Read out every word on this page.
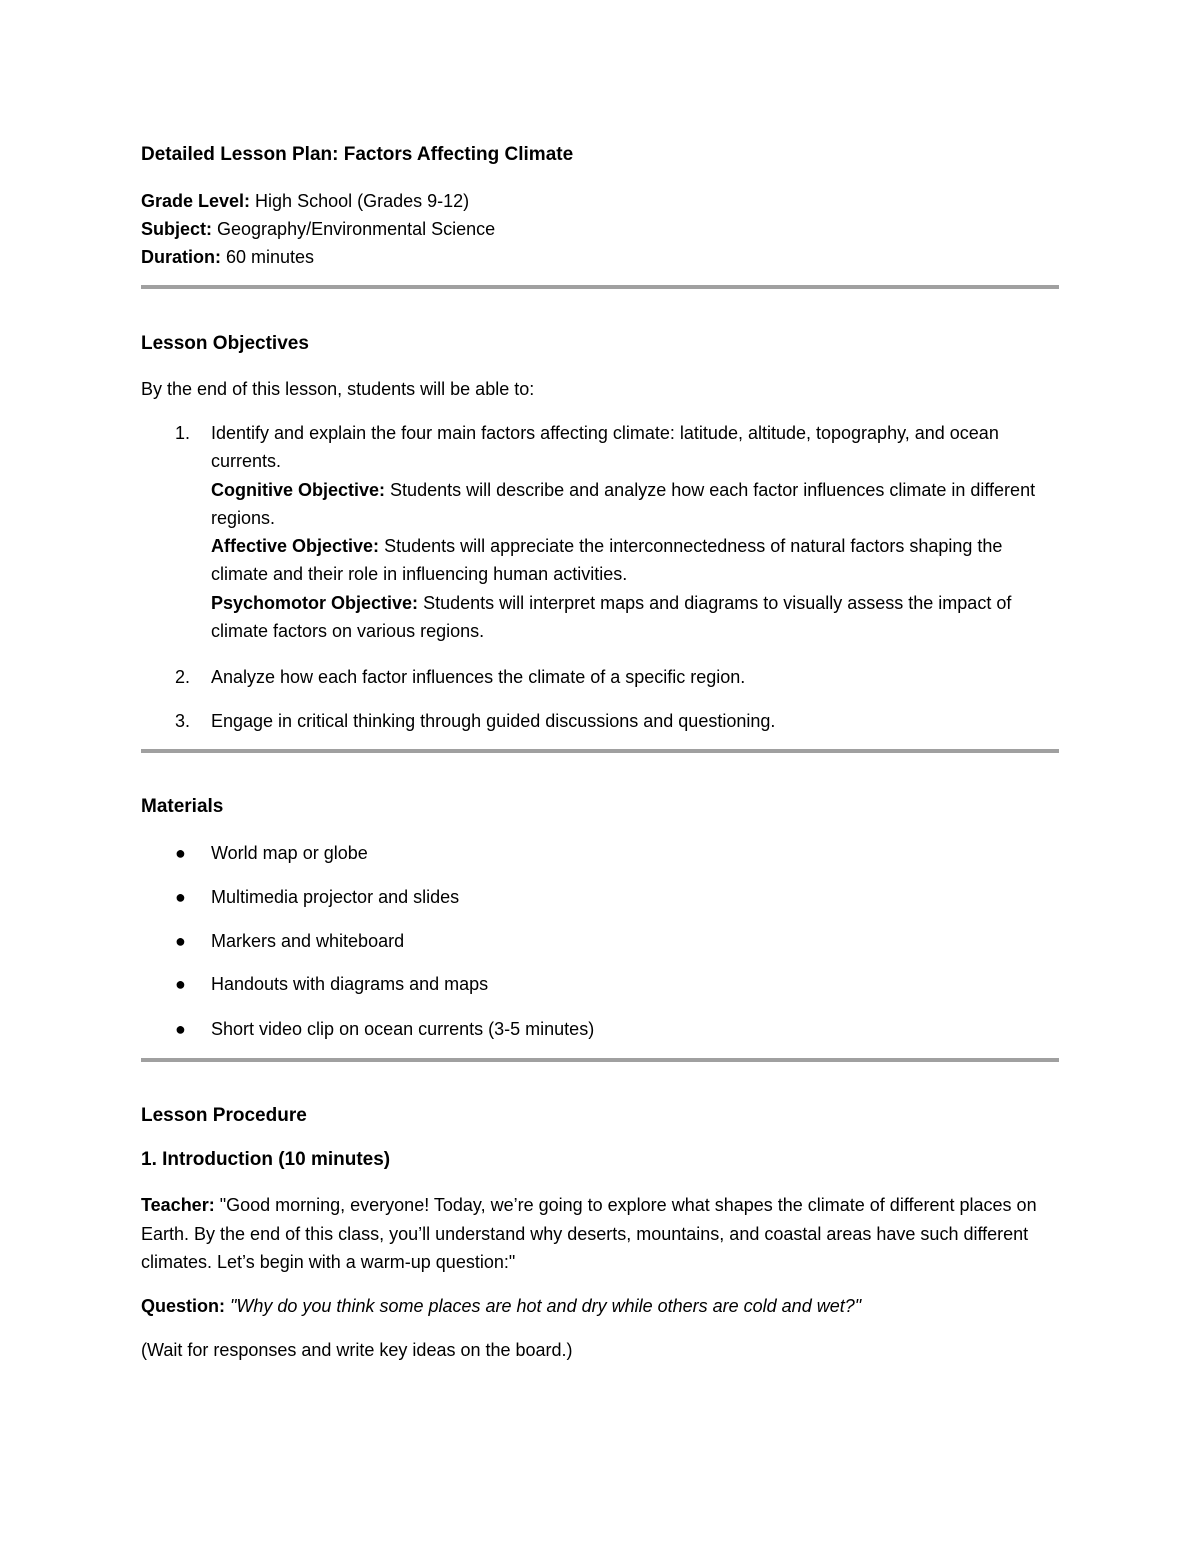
Detailed Lesson Plan: Factors Affecting Climate
Grade Level: High School (Grades 9-12)
Subject: Geography/Environmental Science
Duration: 60 minutes
Lesson Objectives
By the end of this lesson, students will be able to:
1. Identify and explain the four main factors affecting climate: latitude, altitude, topography, and ocean currents.
Cognitive Objective: Students will describe and analyze how each factor influences climate in different regions.
Affective Objective: Students will appreciate the interconnectedness of natural factors shaping the climate and their role in influencing human activities.
Psychomotor Objective: Students will interpret maps and diagrams to visually assess the impact of climate factors on various regions.
2. Analyze how each factor influences the climate of a specific region.
3. Engage in critical thinking through guided discussions and questioning.
Materials
● World map or globe
● Multimedia projector and slides
● Markers and whiteboard
● Handouts with diagrams and maps
● Short video clip on ocean currents (3-5 minutes)
Lesson Procedure
1. Introduction (10 minutes)
Teacher: "Good morning, everyone! Today, we’re going to explore what shapes the climate of different places on Earth. By the end of this class, you’ll understand why deserts, mountains, and coastal areas have such different climates. Let’s begin with a warm-up question:"
Question: "Why do you think some places are hot and dry while others are cold and wet?"
(Wait for responses and write key ideas on the board.)
